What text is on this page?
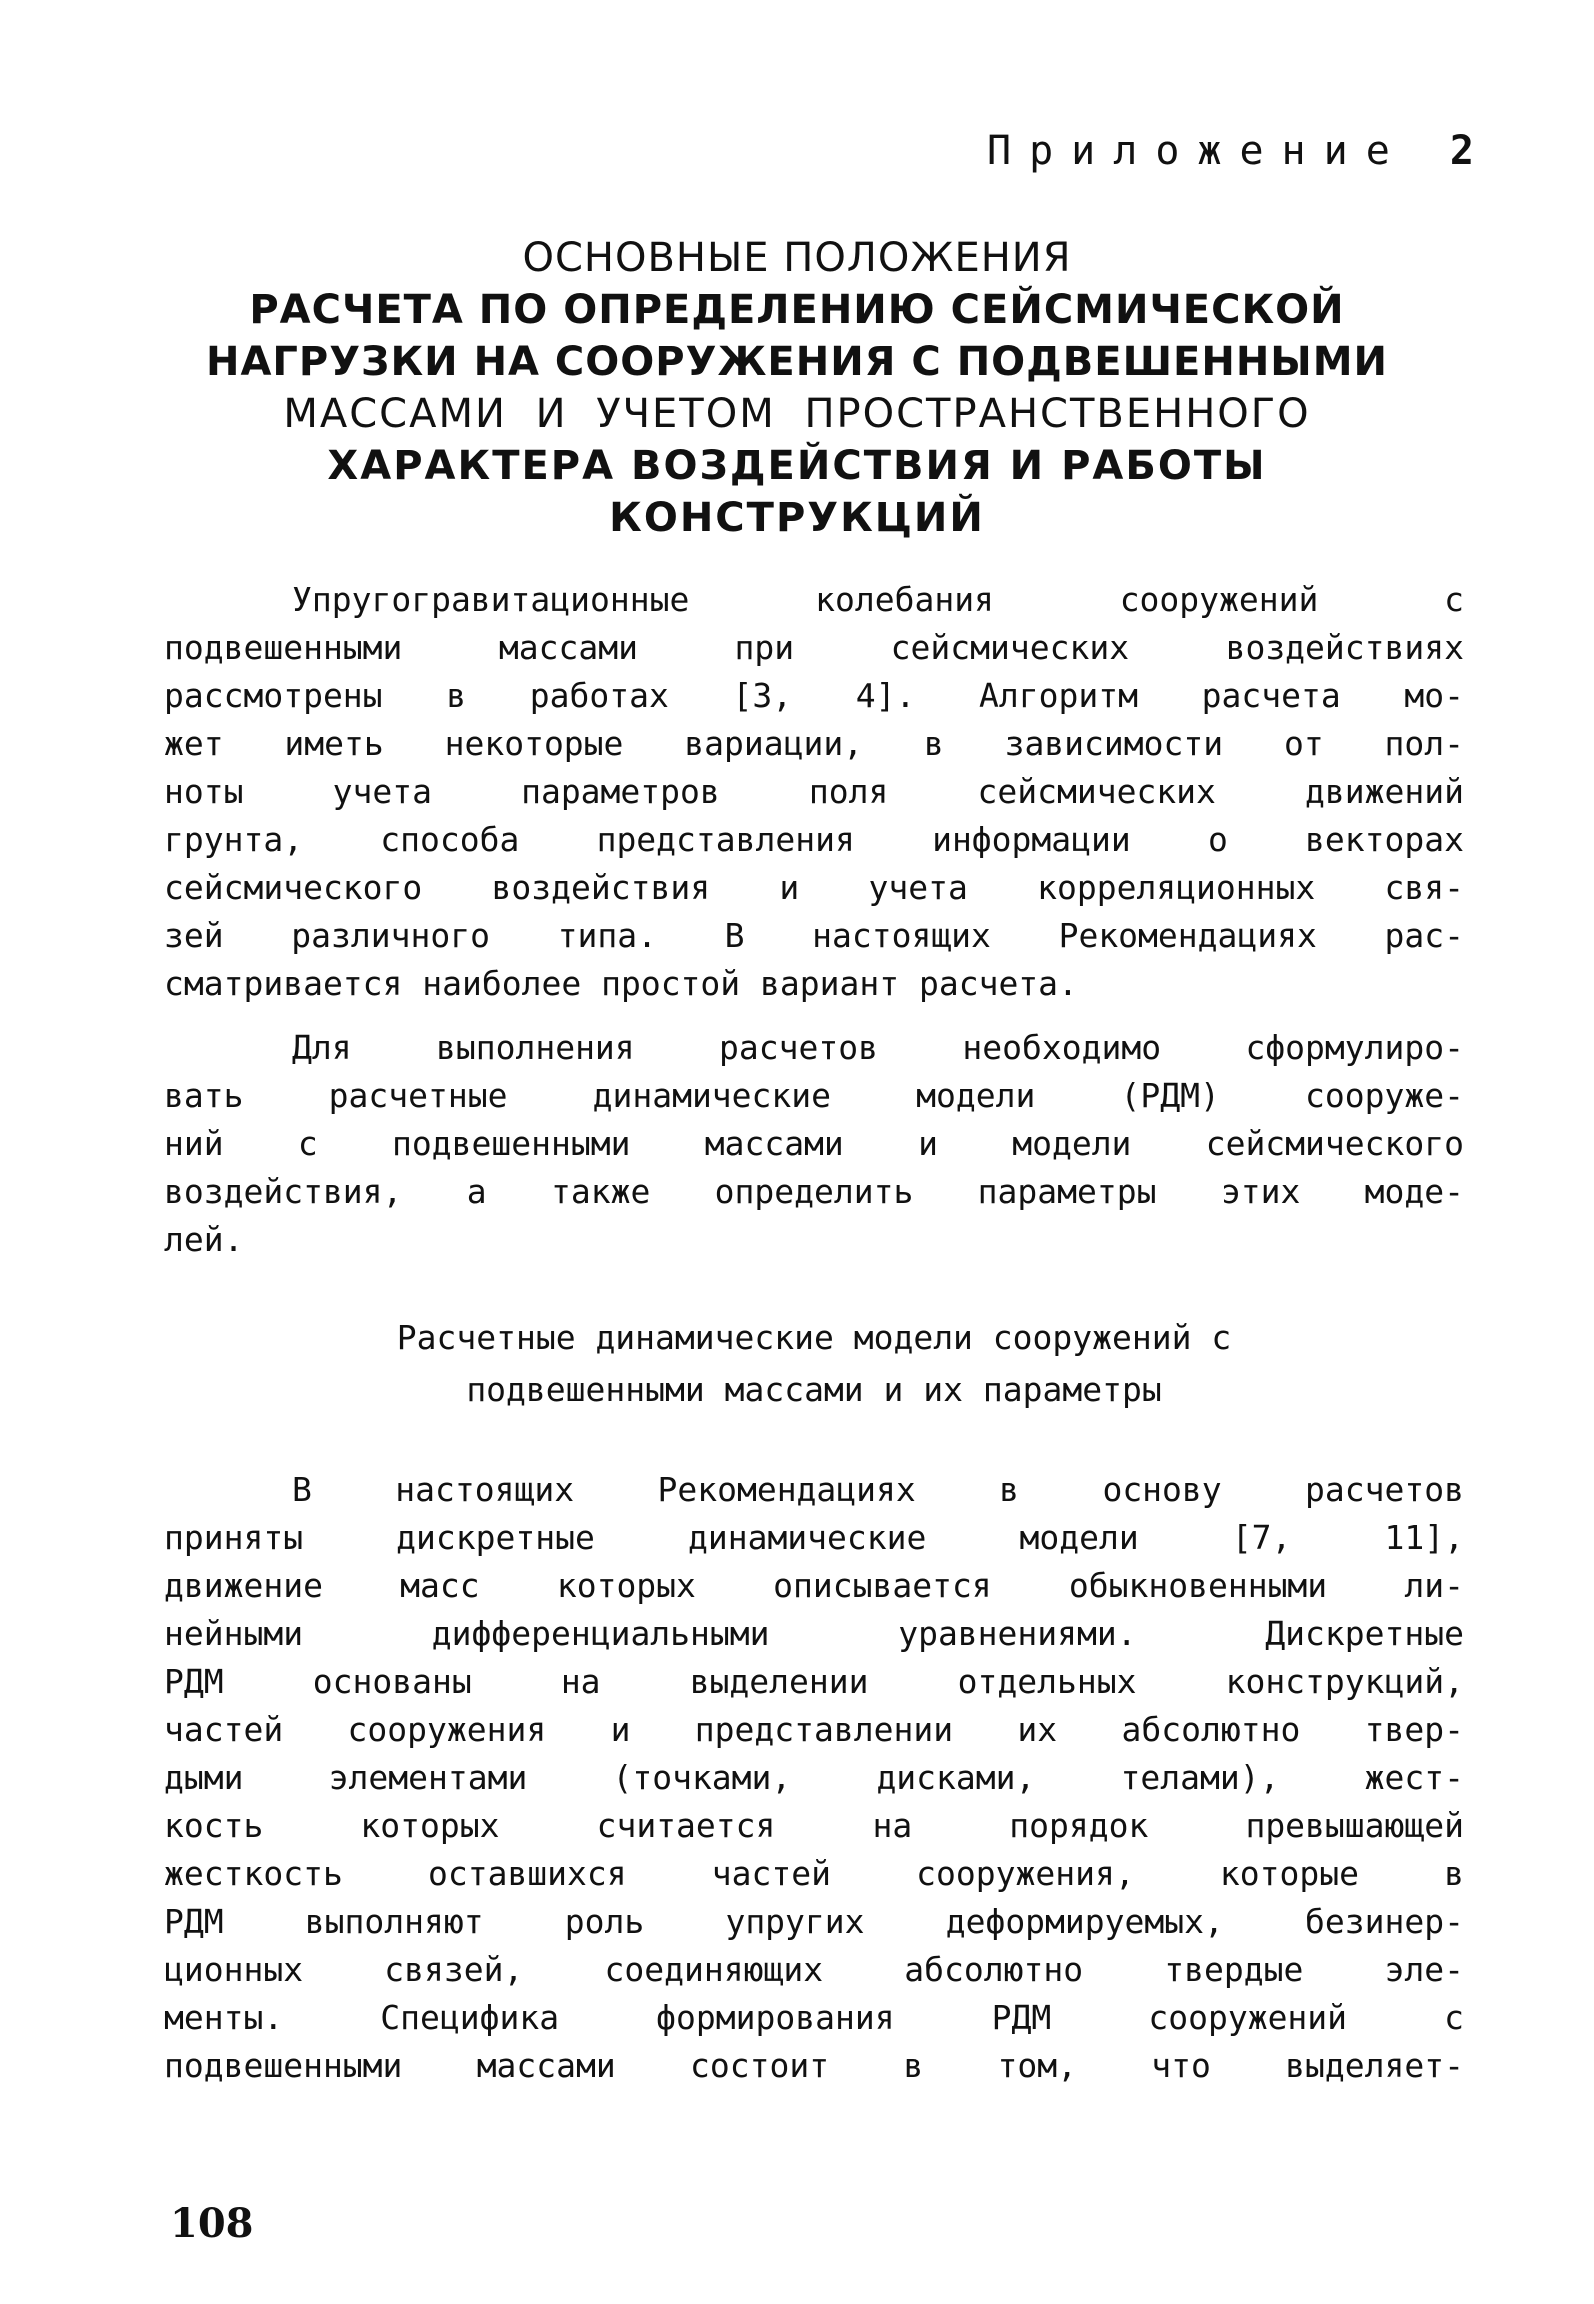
Приложение 2
ОСНОВНЫЕ ПОЛОЖЕНИЯ
РАСЧЕТА ПО ОПРЕДЕЛЕНИЮ СЕЙСМИЧЕСКОЙ
НАГРУЗКИ НА СООРУЖЕНИЯ С ПОДВЕШЕННЫМИ
МАССАМИ И УЧЕТОМ ПРОСТРАНСТВЕННОГО
ХАРАКТЕРА ВОЗДЕЙСТВИЯ И РАБОТЫ
КОНСТРУКЦИЙ

Упругогравитационные колебания сооружений с
подвешенными массами при сейсмических воздействиях
рассмотрены в работах [3, 4]. Алгоритм расчета мо-
жет иметь некоторые вариации, в зависимости от пол-
ноты учета параметров поля сейсмических движений
грунта, способа представления информации о векторах
сейсмического воздействия и учета корреляционных свя-
зей различного типа. В настоящих Рекомендациях рас-
сматривается наиболее простой вариант расчета.

Для выполнения расчетов необходимо сформулиро-
вать расчетные динамические модели (РДМ) сооруже-
ний с подвешенными массами и модели сейсмического
воздействия, а также определить параметры этих моде-
лей.

Расчетные динамические модели сооружений с
подвешенными массами и их параметры

В настоящих Рекомендациях в основу расчетов
приняты дискретные динамические модели [7, 11],
движение масс которых описывается обыкновенными ли-
нейными дифференциальными уравнениями. Дискретные
РДМ основаны на выделении отдельных конструкций,
частей сооружения и представлении их абсолютно твер-
дыми элементами (точками, дисками, телами), жест-
кость которых считается на порядок превышающей
жесткость оставшихся частей сооружения, которые в
РДМ выполняют роль упругих деформируемых, безинер-
ционных связей, соединяющих абсолютно твердые эле-
менты. Специфика формирования РДМ сооружений с
подвешенными массами состоит в том, что выделяет-

108
